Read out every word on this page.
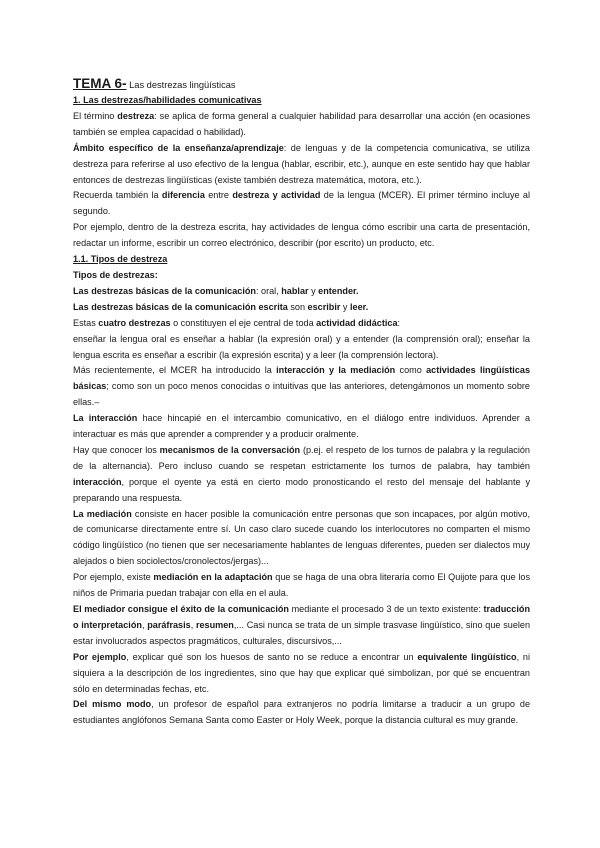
TEMA 6- Las destrezas lingüísticas

1. Las destrezas/habilidades comunicativas

El término destreza: se aplica de forma general a cualquier habilidad para desarrollar una acción (en ocasiones también se emplea capacidad o habilidad).

Ámbito específico de la enseñanza/aprendizaje: de lenguas y de la competencia comunicativa, se utiliza destreza para referirse al uso efectivo de la lengua (hablar, escribir, etc.), aunque en este sentido hay que hablar entonces de destrezas lingüísticas (existe también destreza matemática, motora, etc.).

Recuerda también la diferencia entre destreza y actividad de la lengua (MCER). El primer término incluye al segundo.

Por ejemplo, dentro de la destreza escrita, hay actividades de lengua cómo escribir una carta de presentación, redactar un informe, escribir un correo electrónico, describir (por escrito) un producto, etc.

1.1. Tipos de destreza

Tipos de destrezas:

Las destrezas básicas de la comunicación: oral, hablar y entender.

Las destrezas básicas de la comunicación escrita son escribir y leer.

Estas cuatro destrezas o constituyen el eje central de toda actividad didáctica:

enseñar la lengua oral es enseñar a hablar (la expresión oral) y a entender (la comprensión oral); enseñar la lengua escrita es enseñar a escribir (la expresión escrita) y a leer (la comprensión lectora).

Más recientemente, el MCER ha introducido la interacción y la mediación como actividades lingüísticas básicas; como son un poco menos conocidas o intuitivas que las anteriores, detengámonos un momento sobre ellas.–

La interacción hace hincapié en el intercambio comunicativo, en el diálogo entre individuos. Aprender a interactuar es más que aprender a comprender y a producir oralmente.

Hay que conocer los mecanismos de la conversación (p.ej. el respeto de los turnos de palabra y la regulación de la alternancia). Pero incluso cuando se respetan estrictamente los turnos de palabra, hay también interacción, porque el oyente ya está en cierto modo pronosticando el resto del mensaje del hablante y preparando una respuesta.

La mediación consiste en hacer posible la comunicación entre personas que son incapaces, por algún motivo, de comunicarse directamente entre sí. Un caso claro sucede cuando los interlocutores no comparten el mismo código lingüístico (no tienen que ser necesariamente hablantes de lenguas diferentes, pueden ser dialectos muy alejados o bien sociolectos/cronolectos/jergas)...

Por ejemplo, existe mediación en la adaptación que se haga de una obra literaria como El Quijote para que los niños de Primaria puedan trabajar con ella en el aula.

El mediador consigue el éxito de la comunicación mediante el procesado 3 de un texto existente: traducción o interpretación, paráfrasis, resumen,... Casi nunca se trata de un simple trasvase lingüístico, sino que suelen estar involucrados aspectos pragmáticos, culturales, discursivos,...

Por ejemplo, explicar qué son los huesos de santo no se reduce a encontrar un equivalente lingüístico, ni siquiera a la descripción de los ingredientes, sino que hay que explicar qué simbolizan, por qué se encuentran sólo en determinadas fechas, etc.

Del mismo modo, un profesor de español para extranjeros no podría limitarse a traducir a un grupo de estudiantes anglófonos Semana Santa como Easter or Holy Week, porque la distancia cultural es muy grande.
